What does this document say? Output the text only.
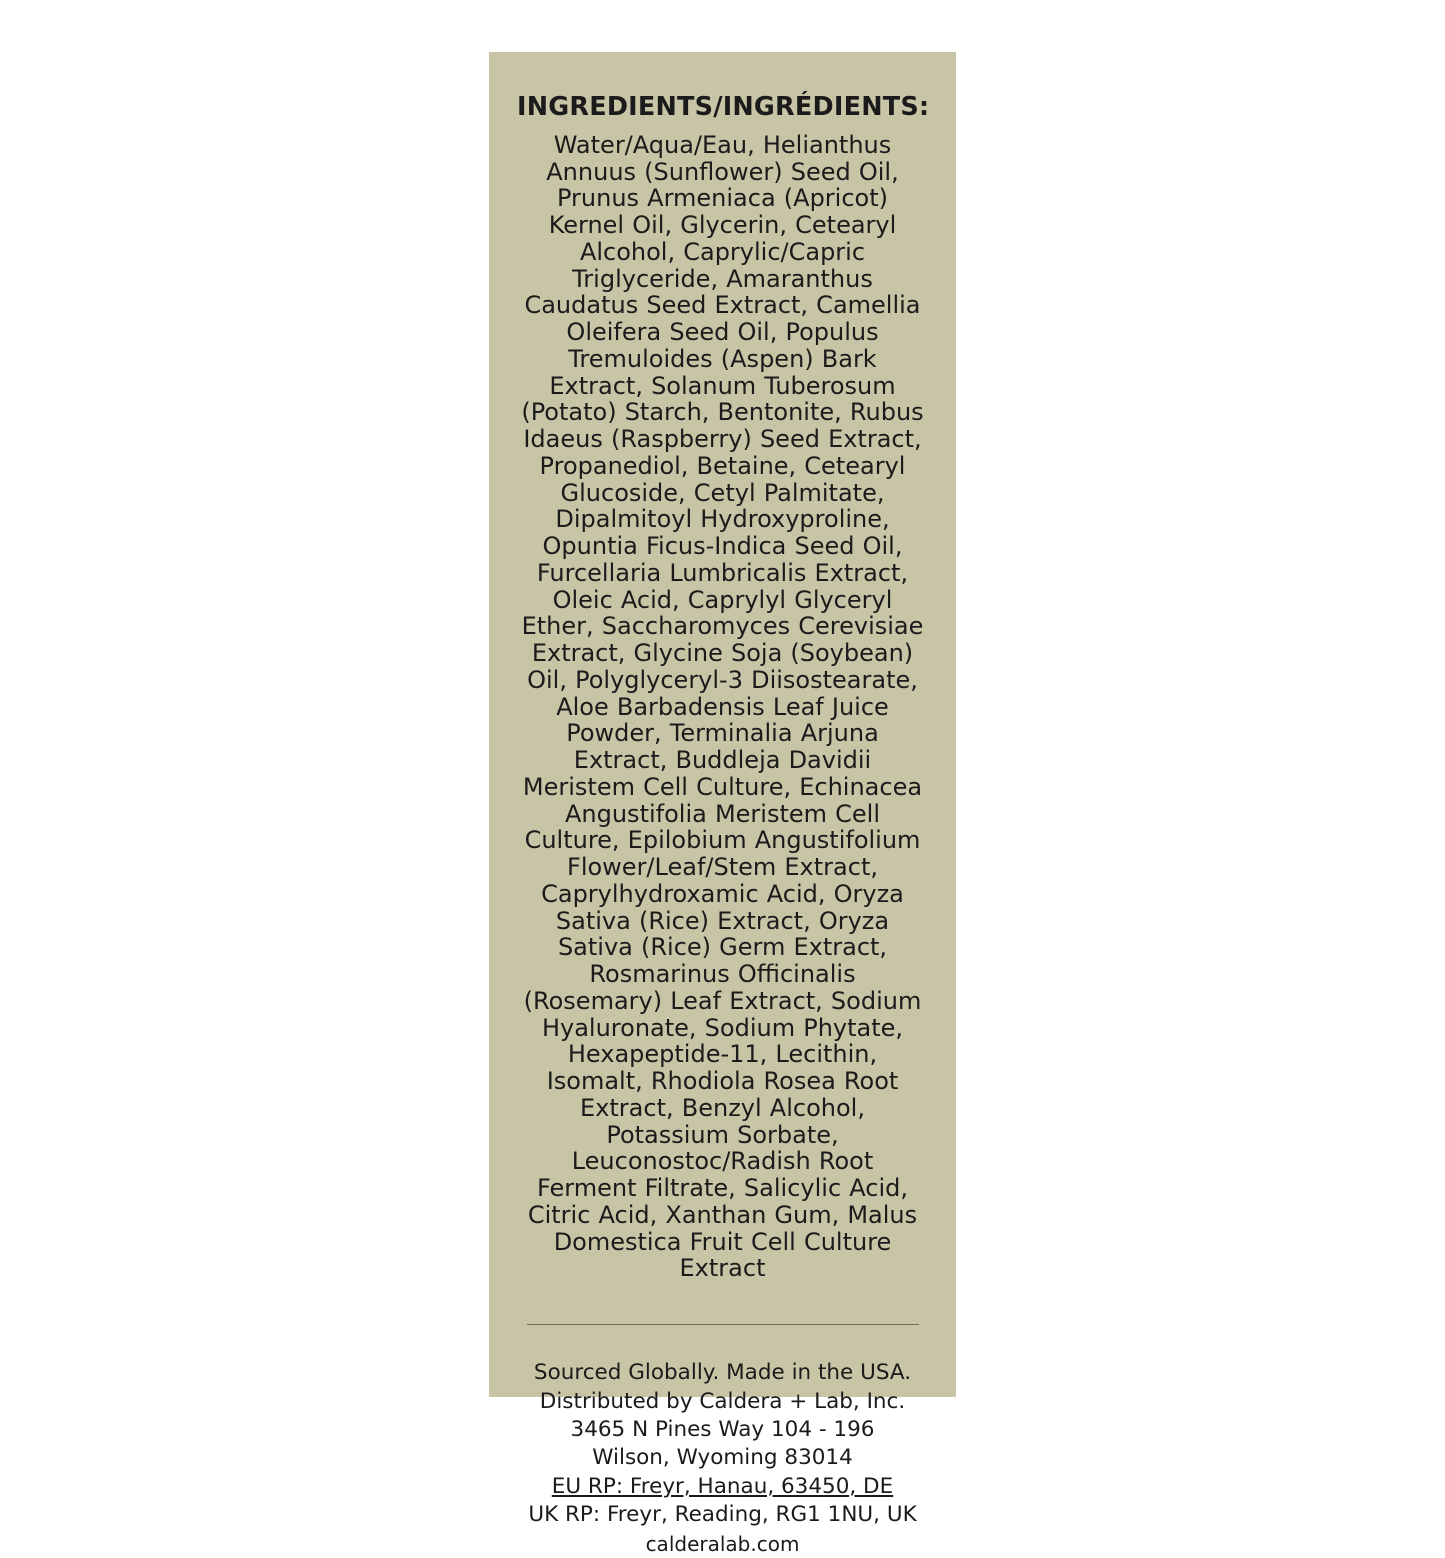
INGREDIENTS/INGRÉDIENTS:

Water/Aqua/Eau, Helianthus Annuus (Sunflower) Seed Oil, Prunus Armeniaca (Apricot) Kernel Oil, Glycerin, Cetearyl Alcohol, Caprylic/Capric Triglyceride, Amaranthus Caudatus Seed Extract, Camellia Oleifera Seed Oil, Populus Tremuloides (Aspen) Bark Extract, Solanum Tuberosum (Potato) Starch, Bentonite, Rubus Idaeus (Raspberry) Seed Extract, Propanediol, Betaine, Cetearyl Glucoside, Cetyl Palmitate, Dipalmitoyl Hydroxyproline, Opuntia Ficus-Indica Seed Oil, Furcellaria Lumbricalis Extract, Oleic Acid, Caprylyl Glyceryl Ether, Saccharomyces Cerevisiae Extract, Glycine Soja (Soybean) Oil, Polyglyceryl-3 Diisostearate, Aloe Barbadensis Leaf Juice Powder, Terminalia Arjuna Extract, Buddleja Davidii Meristem Cell Culture, Echinacea Angustifolia Meristem Cell Culture, Epilobium Angustifolium Flower/Leaf/Stem Extract, Caprylhydroxamic Acid, Oryza Sativa (Rice) Extract, Oryza Sativa (Rice) Germ Extract, Rosmarinus Officinalis (Rosemary) Leaf Extract, Sodium Hyaluronate, Sodium Phytate, Hexapeptide-11, Lecithin, Isomalt, Rhodiola Rosea Root Extract, Benzyl Alcohol, Potassium Sorbate, Leuconostoc/Radish Root Ferment Filtrate, Salicylic Acid, Citric Acid, Xanthan Gum, Malus Domestica Fruit Cell Culture Extract

Sourced Globally. Made in the USA.
Distributed by Caldera + Lab, Inc.
3465 N Pines Way 104 - 196
Wilson, Wyoming 83014
EU RP: Freyr, Hanau, 63450, DE
UK RP: Freyr, Reading, RG1 1NU, UK
calderalab.com
